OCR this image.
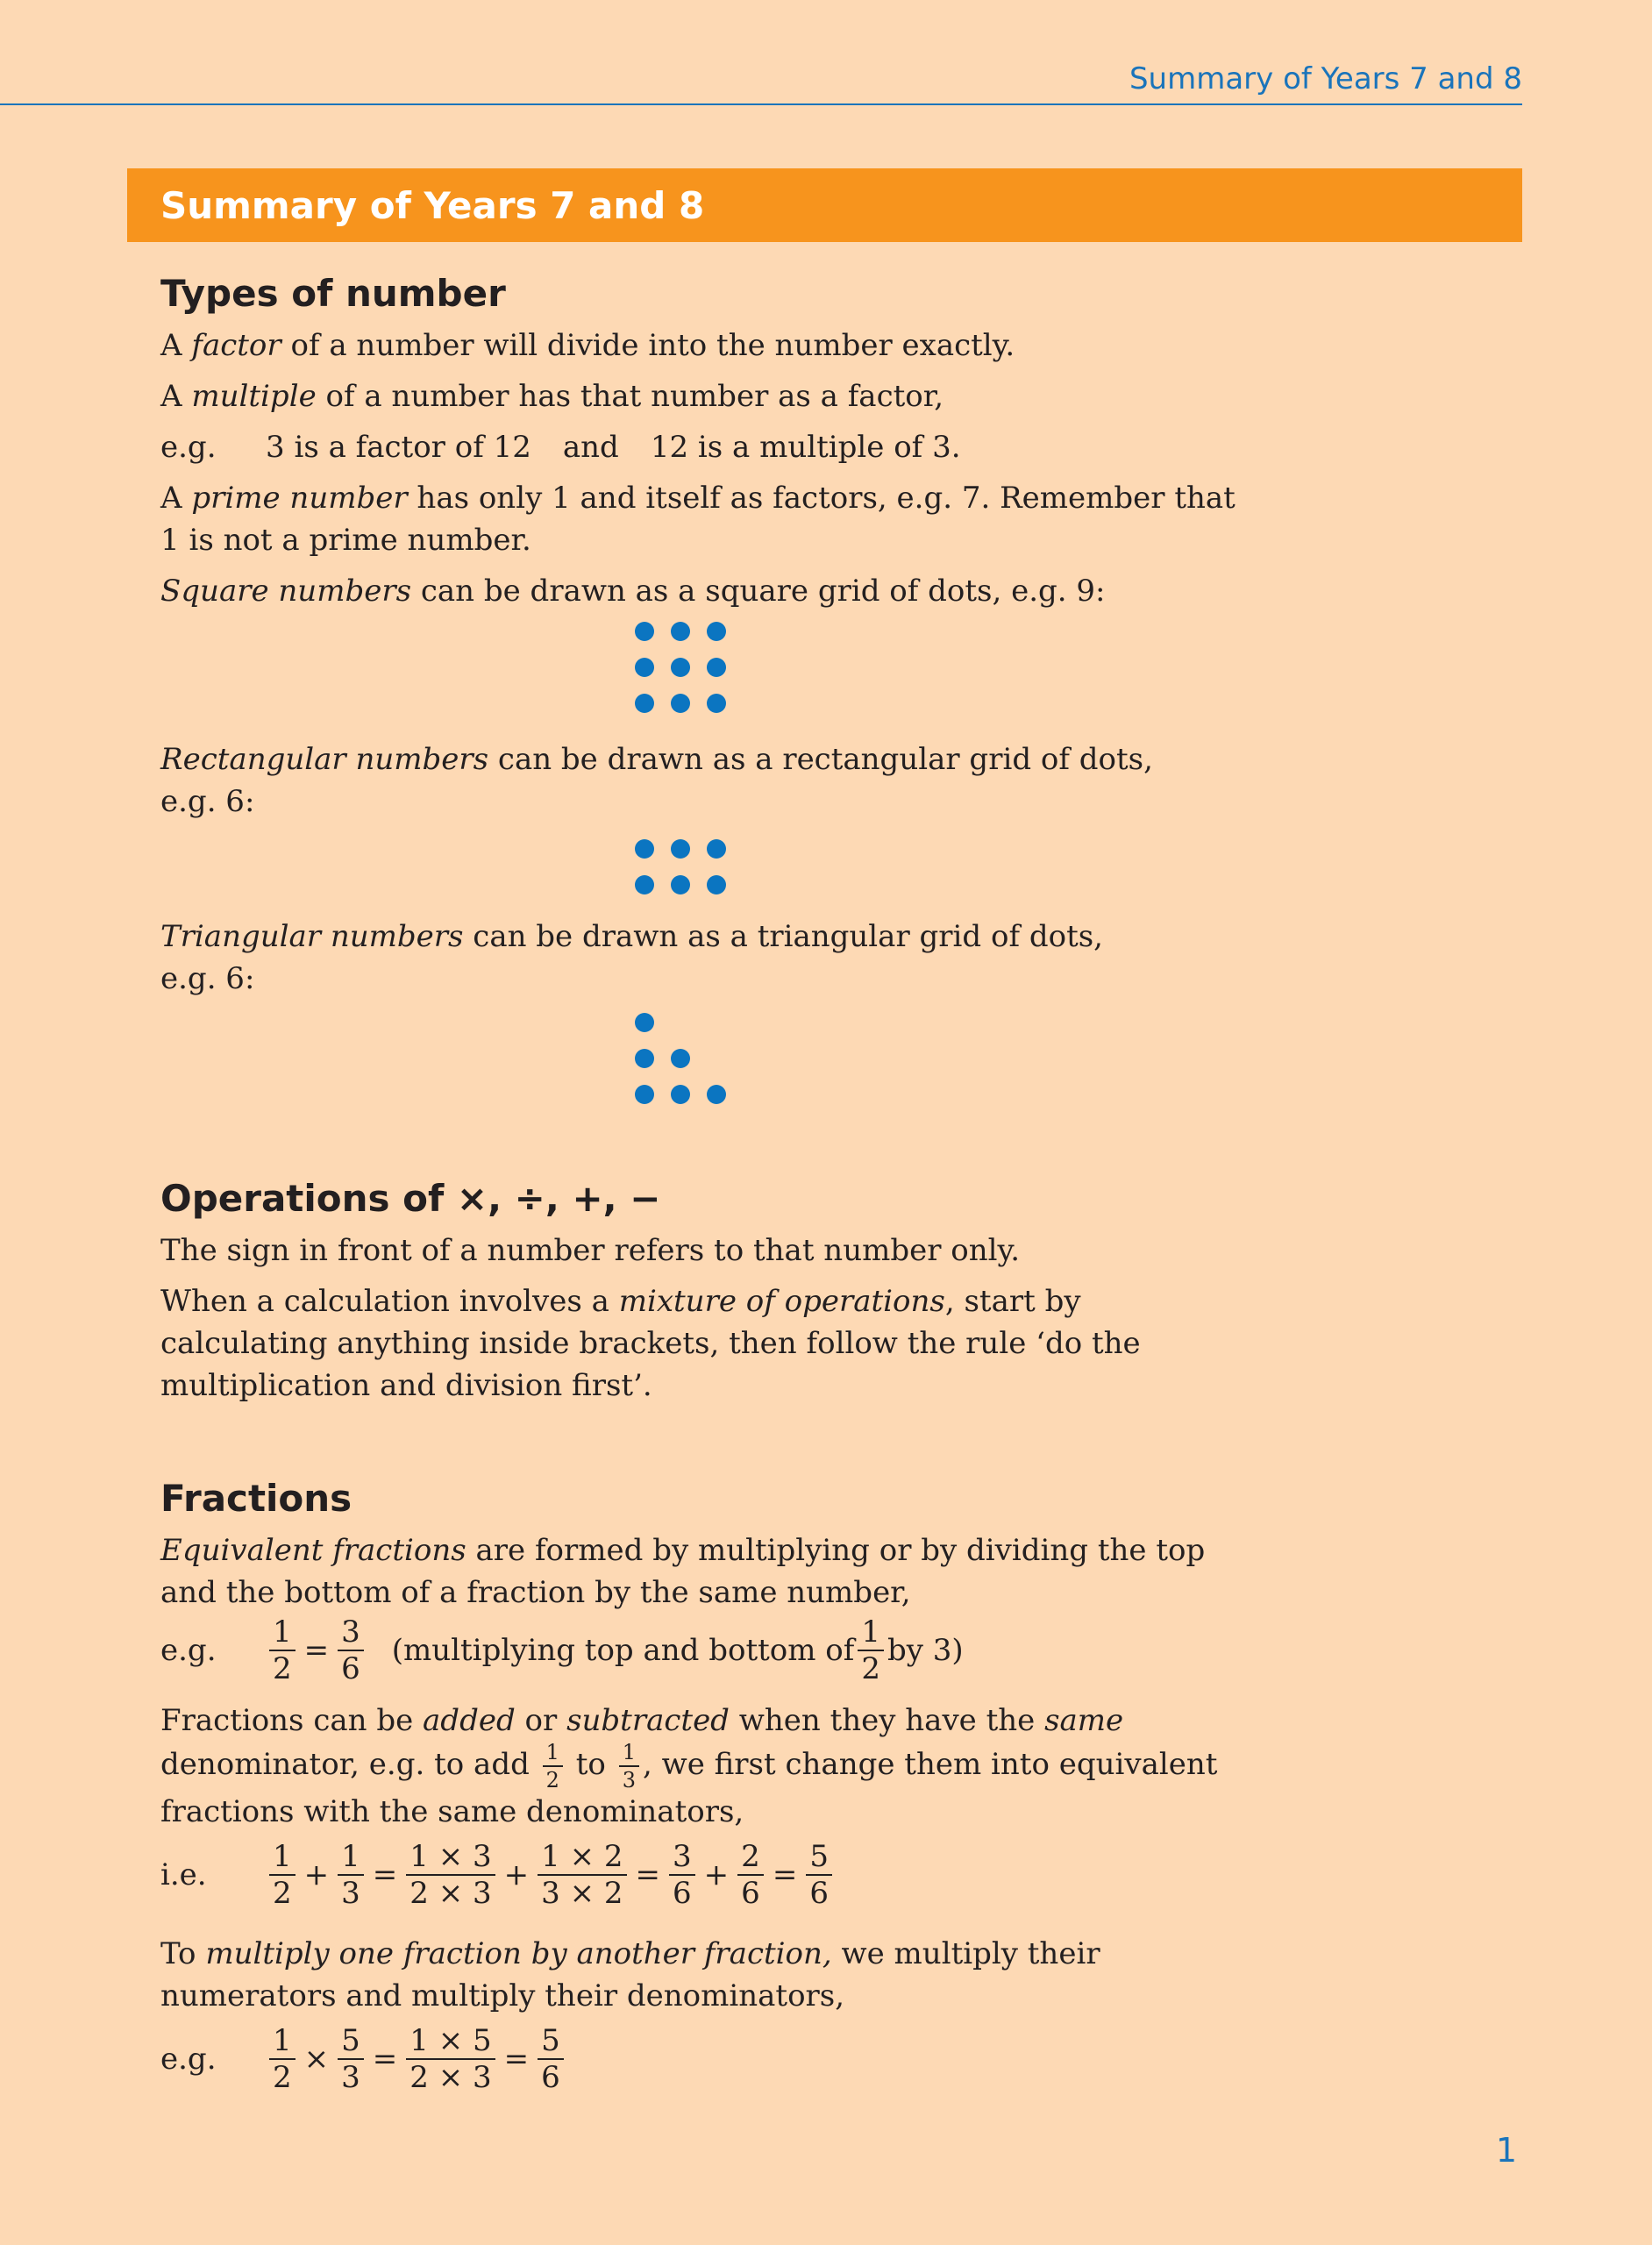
Summary of Years 7 and 8
Summary of Years 7 and 8
Types of number

A factor of a number will divide into the number exactly.

A multiple of a number has that number as a factor,

e.g.	3 is a factor of 12 and 12 is a multiple of 3.

A prime number has only 1 and itself as factors, e.g. 7. Remember that
1 is not a prime number.

Square numbers can be drawn as a square grid of dots, e.g. 9:

Rectangular numbers can be drawn as a rectangular grid of dots,
e.g. 6:

Triangular numbers can be drawn as a triangular grid of dots,
e.g. 6:

Operations of ×, ÷, +, −

The sign in front of a number refers to that number only.

When a calculation involves a mixture of operations, start by
calculating anything inside brackets, then follow the rule ‘do the
multiplication and division first’.

Fractions

Equivalent fractions are formed by multiplying or by dividing the top
and the bottom of a fraction by the same number,

e.g.	$\frac{1}{2} = \frac{3}{6}$ (multiplying top and bottom of $\frac{1}{2}$ by 3)

Fractions can be added or subtracted when they have the same
denominator, e.g. to add $\frac{1}{2}$ to $\frac{1}{3}$ , we first change them into equivalent
fractions with the same denominators,

i.e.	$\frac{1}{2} + \frac{1}{3} = \frac{1 \times 3}{2 \times 3} + \frac{1 \times 2}{3 \times 2} = \frac{3}{6} + \frac{2}{6} = \frac{5}{6}$

To multiply one fraction by another fraction, we multiply their
numerators and multiply their denominators,

e.g.	$\frac{1}{2} \times \frac{5}{3} = \frac{1 \times 5}{2 \times 3} = \frac{5}{6}$
1
